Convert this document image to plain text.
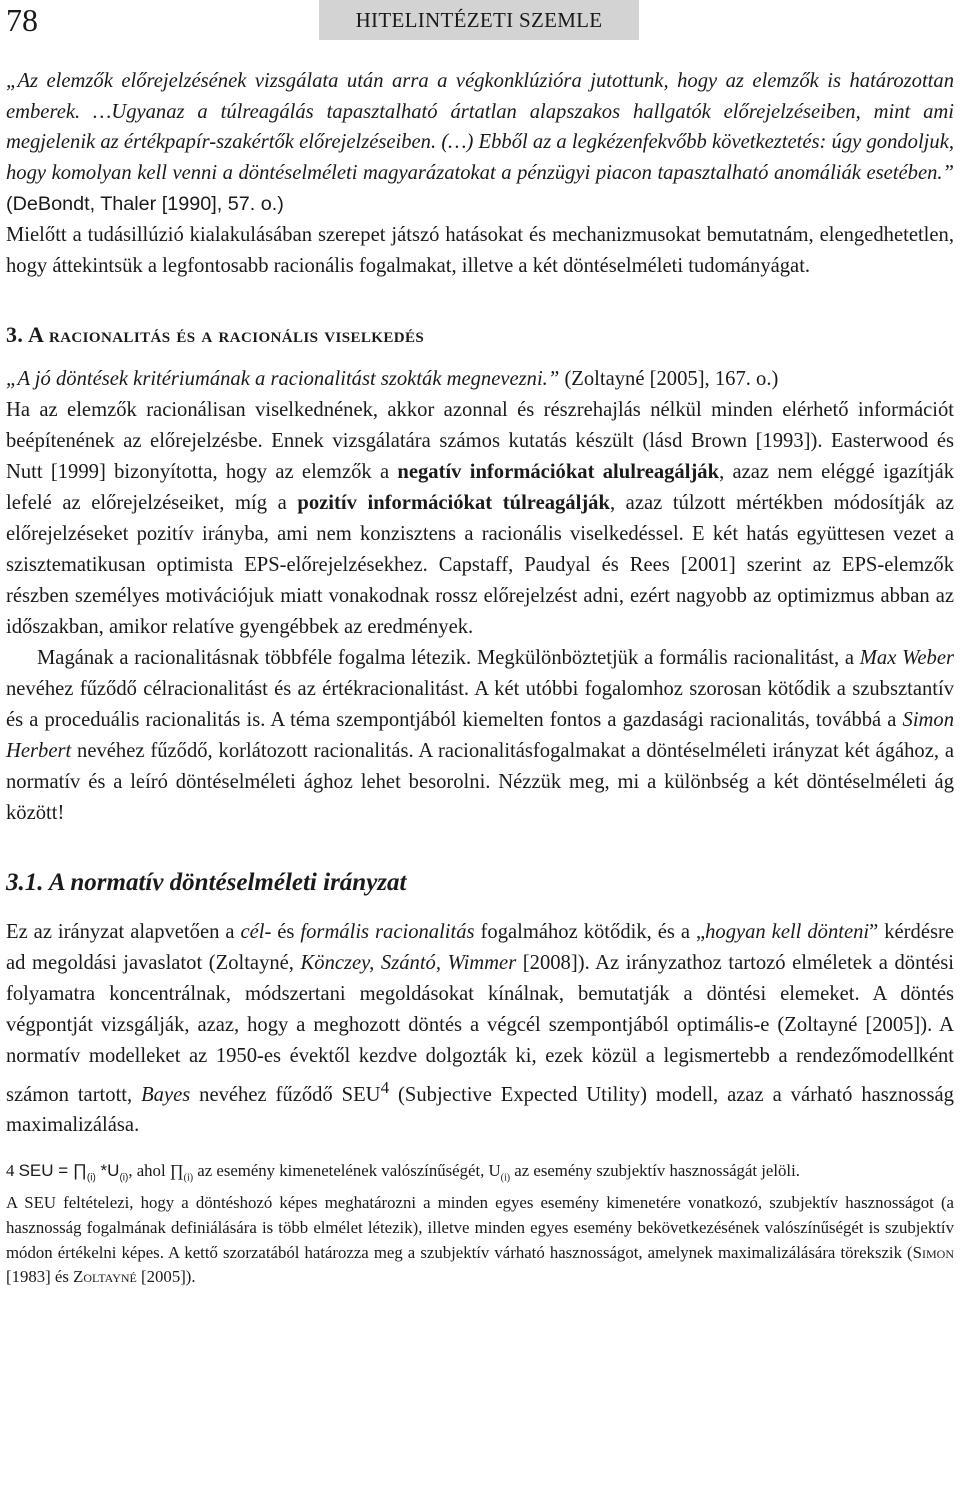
78	HITELINTÉZETI SZEMLE

„Az elemzők előrejelzésének vizsgálata után arra a végkonklúzióra jutottunk, hogy az elemzők is határozottan emberek. …Ugyanaz a túlreagálás tapasztalható ártatlan alapszakos hallgatók előrejelzéseiben, mint ami megjelenik az értékpapír-szakértők előrejelzéseiben. (…) Ebből az a legkézenfekvőbb következtetés: úgy gondoljuk, hogy komolyan kell venni a döntéselméleti magyarázatokat a pénzügyi piacon tapasztalható anomáliák esetében.” (DeBondt, Thaler [1990], 57. o.)

Mielőtt a tudásillúzió kialakulásában szerepet játszó hatásokat és mechanizmusokat bemutatnám, elengedhetetlen, hogy áttekintsük a legfontosabb racionális fogalmakat, illetve a két döntéselméleti tudományágat.

3. A racionalitás és a racionális viselkedés

„A jó döntések kritériumának a racionalitást szokták megnevezni.” (Zoltayné [2005], 167. o.)

Ha az elemzők racionálisan viselkednének, akkor azonnal és részrehajlás nélkül minden elérhető információt beépítenének az előrejelzésbe. Ennek vizsgálatára számos kutatás készült (lásd Brown [1993]). Easterwood és Nutt [1999] bizonyította, hogy az elemzők a negatív információkat alulreagálják, azaz nem eléggé igazítják lefelé az előrejelzéseiket, míg a pozitív információkat túlreagálják, azaz túlzott mértékben módosítják az előrejelzéseket pozitív irányba, ami nem konzisztens a racionális viselkedéssel. E két hatás együttesen vezet a szisztematikusan optimista EPS-előrejelzésekhez. Capstaff, Paudyal és Rees [2001] szerint az EPS-elemzők részben személyes motivációjuk miatt vonakodnak rossz előrejelzést adni, ezért nagyobb az optimizmus abban az időszakban, amikor relatíve gyengébbek az eredmények.

Magának a racionalitásnak többféle fogalma létezik. Megkülönböztetjük a formális racionalitást, a Max Weber nevéhez fűződő célracionalitást és az értékracionalitást. A két utóbbi fogalomhoz szorosan kötődik a szubsztantív és a proceduális racionalitás is. A téma szempontjából kiemelten fontos a gazdasági racionalitás, továbbá a Simon Herbert nevéhez fűződő, korlátozott racionalitás. A racionalitásfogalmakat a döntéselméleti irányzat két ágához, a normatív és a leíró döntéselméleti ághoz lehet besorolni. Nézzük meg, mi a különbség a két döntéselméleti ág között!

3.1. A normatív döntéselméleti irányzat

Ez az irányzat alapvetően a cél- és formális racionalitás fogalmához kötődik, és a „hogyan kell dönteni” kérdésre ad megoldási javaslatot (Zoltayné, Könczey, Szántó, Wimmer [2008]). Az irányzathoz tartozó elméletek a döntési folyamatra koncentrálnak, módszertani megoldásokat kínálnak, bemutatják a döntési elemeket. A döntés végpontját vizsgálják, azaz, hogy a meghozott döntés a végcél szempontjából optimális-e (Zoltayné [2005]). A normatív modelleket az 1950-es évektől kezdve dolgozták ki, ezek közül a legismertebb a rendezőmodellként számon tartott, Bayes nevéhez fűződő SEU$^4$ (Subjective Expected Utility) modell, azaz a várható hasznosság maximalizálása.

4 SEU = $\prod_{(i)}$ $*U_{(i)}$, ahol $\prod_{(i)}$ az esemény kimenetelének valószínűségét, $U_{(i)}$ az esemény szubjektív hasznosságát jelöli.

A SEU feltételezi, hogy a döntéshozó képes meghatározni a minden egyes esemény kimenetére vonatkozó, szubjektív hasznosságot (a hasznosság fogalmának definiálására is több elmélet létezik), illetve minden egyes esemény bekövetkezésének valószínűségét is szubjektív módon értékelni képes. A kettő szorzatából határozza meg a szubjektív várható hasznosságot, amelynek maximalizálására törekszik (Simon [1983] és Zoltayné [2005]).
